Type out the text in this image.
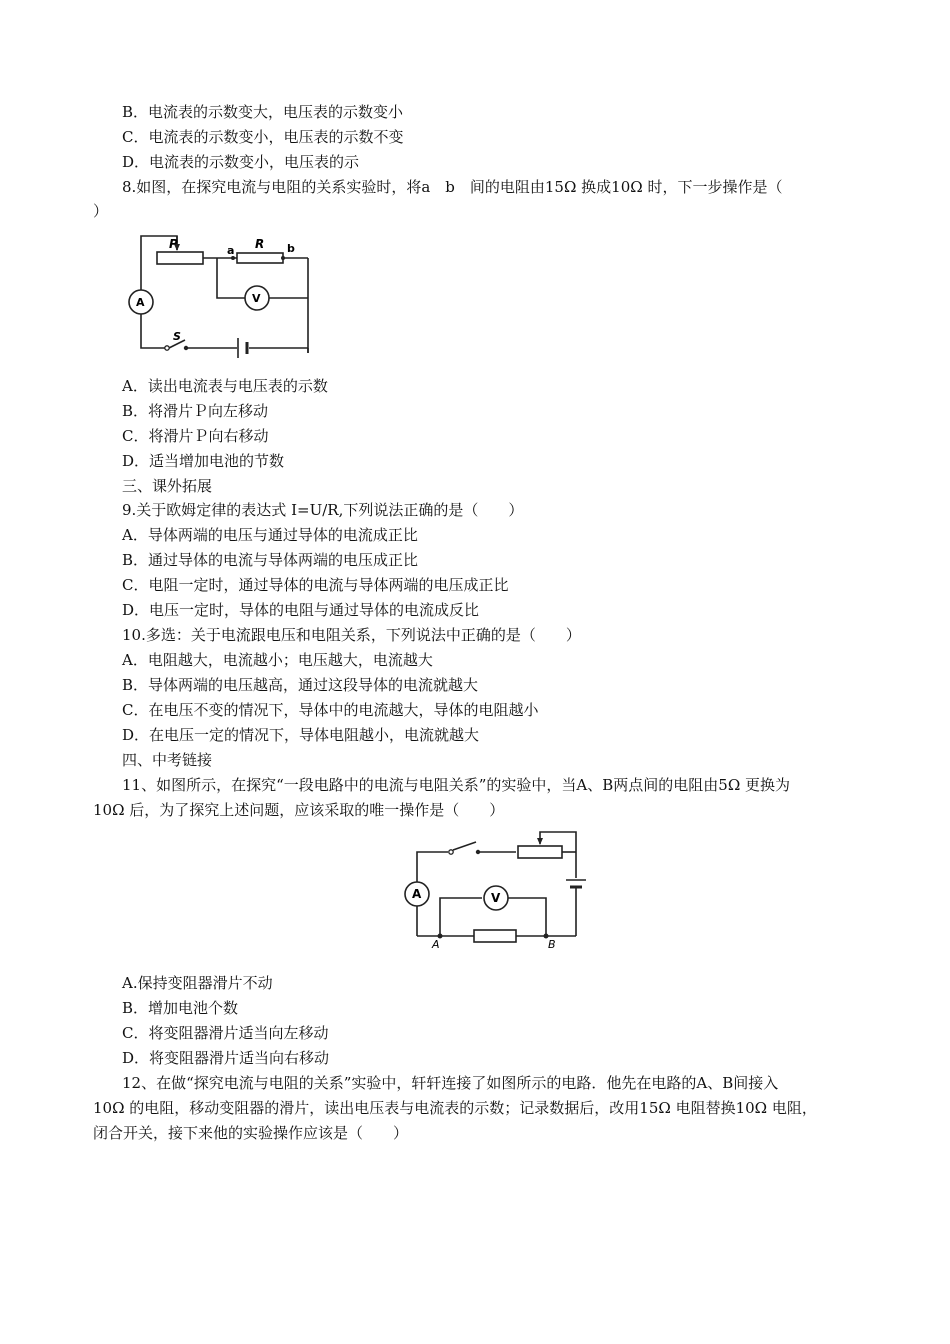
B．电流表的示数变大，电压表的示数变小
C．电流表的示数变小，电压表的示数不变
D．电流表的示数变小，电压表的示
8.如图，在探究电流与电阻的关系实验时，将a　b　间的电阻由15Ω 换成10Ω 时，下一步操作是（
）
P	a R b
A	V
S
A．读出电流表与电压表的示数
B．将滑片Ｐ向左移动
C．将滑片Ｐ向右移动
D．适当增加电池的节数
三、课外拓展
9.关于欧姆定律的表达式 I=U/R,下列说法正确的是（　　）
A．导体两端的电压与通过导体的电流成正比
B．通过导体的电流与导体两端的电压成正比
C．电阻一定时，通过导体的电流与导体两端的电压成正比
D．电压一定时，导体的电阻与通过导体的电流成反比
10.多选：关于电流跟电压和电阻关系，下列说法中正确的是（　　）
A．电阻越大，电流越小；电压越大，电流越大
B．导体两端的电压越高，通过这段导体的电流就越大
C．在电压不变的情况下，导体中的电流越大，导体的电阻越小
D．在电压一定的情况下，导体电阻越小，电流就越大
四、中考链接
11、如图所示，在探究“一段电路中的电流与电阻关系”的实验中，当A、B两点间的电阻由5Ω 更换为
10Ω 后，为了探究上述问题，应该采取的唯一操作是（　　）
A	V
A	B
A.保持变阻器滑片不动
B．增加电池个数
C．将变阻器滑片适当向左移动
D．将变阻器滑片适当向右移动
12、在做“探究电流与电阻的关系”实验中，轩轩连接了如图所示的电路．他先在电路的A、B间接入
10Ω 的电阻，移动变阻器的滑片，读出电压表与电流表的示数；记录数据后，改用15Ω 电阻替换10Ω 电阻，
闭合开关，接下来他的实验操作应该是（　　）
